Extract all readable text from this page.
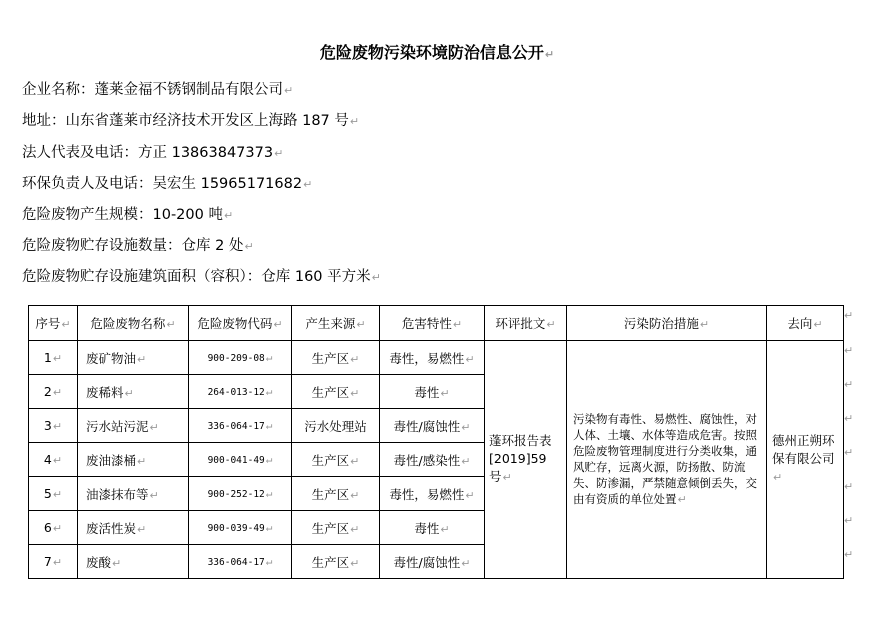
危险废物污染环境防治信息公开↵
企业名称：蓬莱金福不锈钢制品有限公司↵
地址：山东省蓬莱市经济技术开发区上海路 187 号↵
法人代表及电话：方正 13863847373↵
环保负责人及电话：吴宏生 15965171682↵
危险废物产生规模：10-200 吨↵
危险废物贮存设施数量：仓库 2 处↵
危险废物贮存设施建筑面积（容积）：仓库 160 平方米↵
序号↵	危险废物名称↵	危险废物代码↵	产生来源↵	危害特性↵	环评批文↵	污染防治措施↵	去向↵
1↵	废矿物油↵	900-209-08↵	生产区↵	毒性，易燃性↵	蓬环报告表[2019]59 号↵	污染物有毒性、易燃性、腐蚀性，对人体、土壤、水体等造成危害。按照危险废物管理制度进行分类收集，通风贮存，远离火源，防扬散、防流失、防渗漏，严禁随意倾倒丢失，交由有资质的单位处置↵	德州正朔环保有限公司↵
2↵	废稀料↵	264-013-12↵	生产区↵	毒性↵			
3↵	污水站污泥↵	336-064-17↵	污水处理站	毒性/腐蚀性↵			
4↵	废油漆桶↵	900-041-49↵	生产区↵	毒性/感染性↵			
5↵	油漆抹布等↵	900-252-12↵	生产区↵	毒性，易燃性↵			
6↵	废活性炭↵	900-039-49↵	生产区↵	毒性↵			
7↵	废酸↵	336-064-17↵	生产区↵	毒性/腐蚀性↵			
↵
↵
↵
↵
↵
↵
↵
↵
